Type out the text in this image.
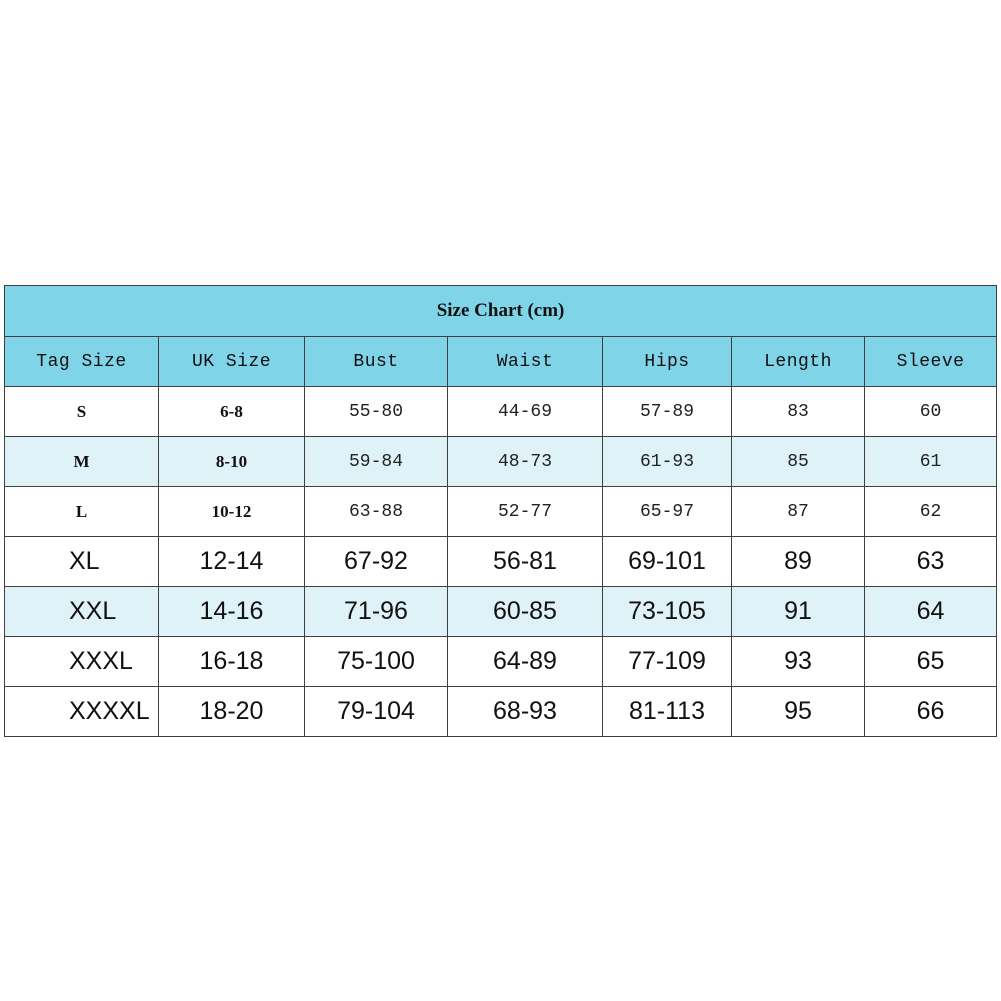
Size Chart (cm)						
Tag Size	UK Size	Bust	Waist	Hips	Length	Sleeve
S	6-8	55-80	44-69	57-89	83	60
M	8-10	59-84	48-73	61-93	85	61
L	10-12	63-88	52-77	65-97	87	62
XL	12-14	67-92	56-81	69-101	89	63
XXL	14-16	71-96	60-85	73-105	91	64
XXXL	16-18	75-100	64-89	77-109	93	65
XXXXL	18-20	79-104	68-93	81-113	95	66
